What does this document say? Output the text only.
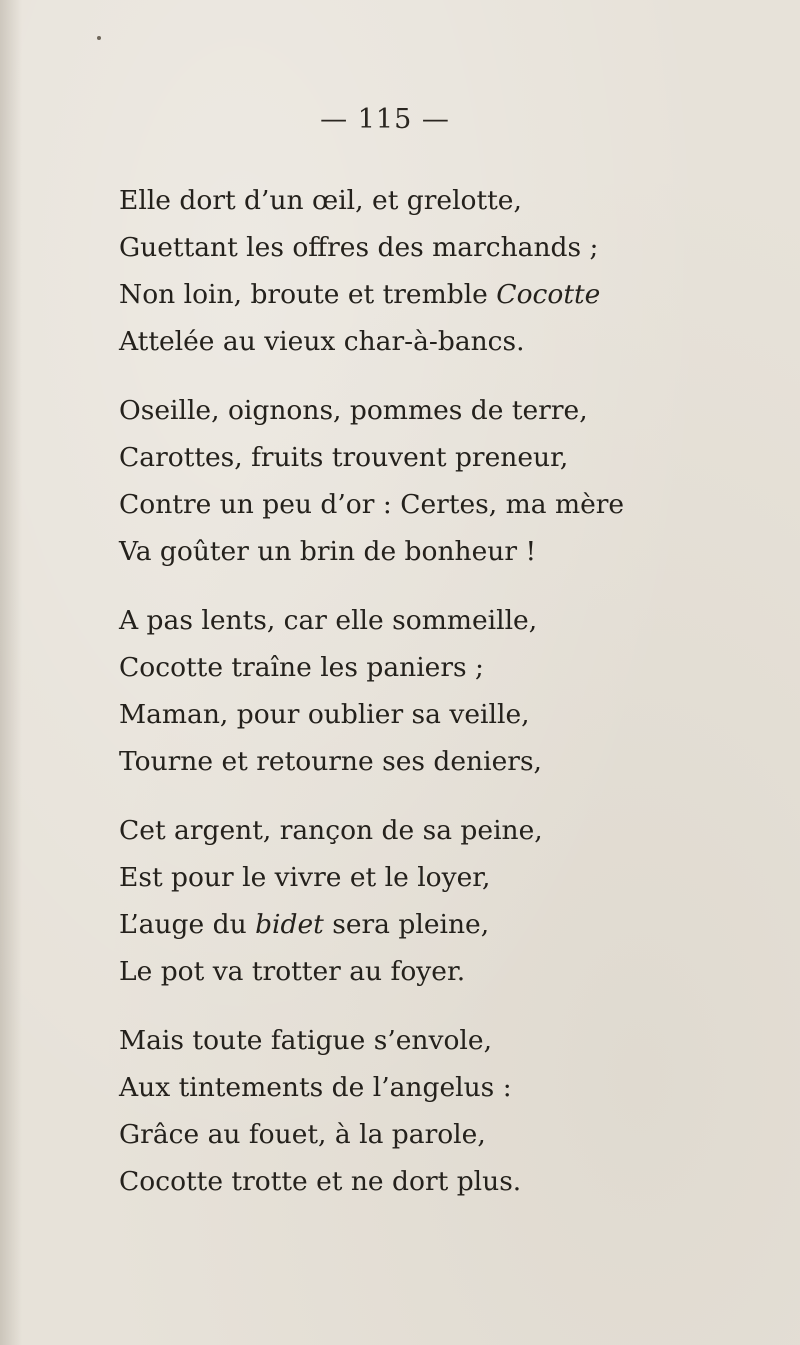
— 115 —
Elle dort d’un œil, et grelotte,
Guettant les offres des marchands ;
Non loin, broute et tremble Cocotte
Attelée au vieux char-à-bancs.
Oseille, oignons, pommes de terre,
Carottes, fruits trouvent preneur,
Contre un peu d’or : Certes, ma mère
Va goûter un brin de bonheur !
A pas lents, car elle sommeille,
Cocotte traîne les paniers ;
Maman, pour oublier sa veille,
Tourne et retourne ses deniers,
Cet argent, rançon de sa peine,
Est pour le vivre et le loyer,
L’auge du bidet sera pleine,
Le pot va trotter au foyer.
Mais toute fatigue s’envole,
Aux tintements de l’angelus :
Grâce au fouet, à la parole,
Cocotte trotte et ne dort plus.
